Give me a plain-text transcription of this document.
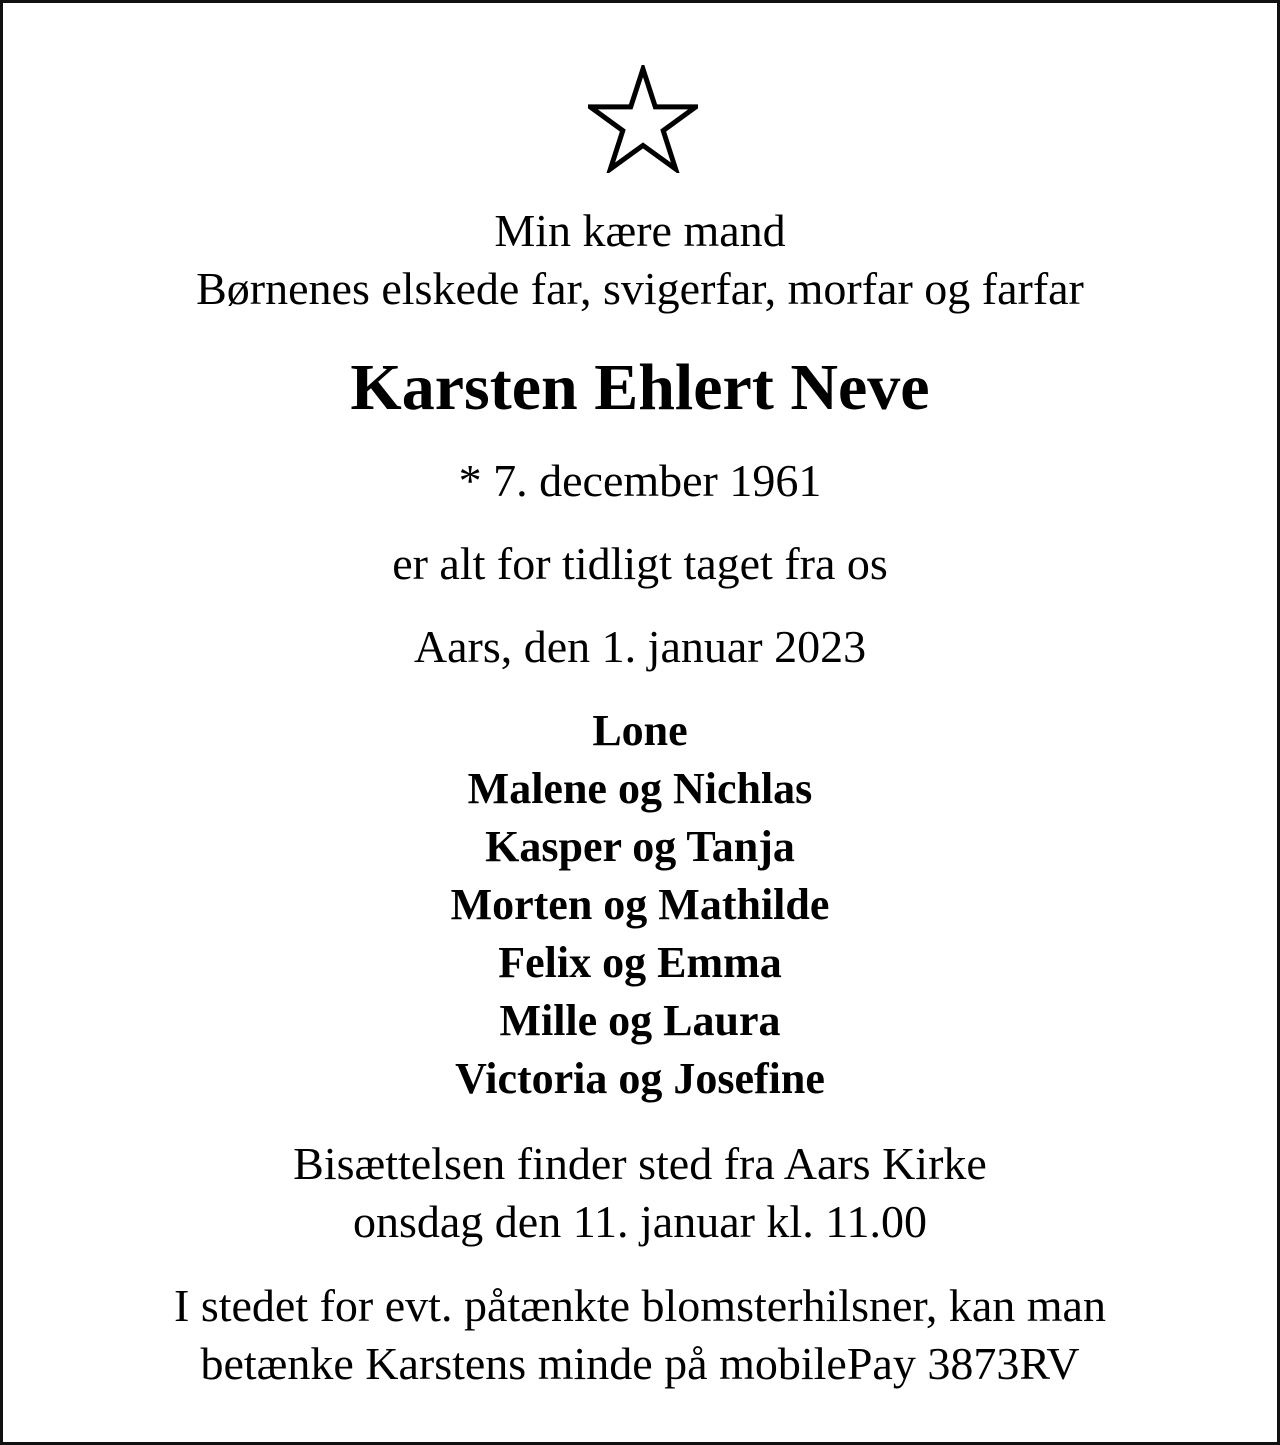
Min kære mand
Børnenes elskede far, svigerfar, morfar og farfar
Karsten Ehlert Neve
* 7. december 1961
er alt for tidligt taget fra os
Aars, den 1. januar 2023
Lone
Malene og Nichlas
Kasper og Tanja
Morten og Mathilde
Felix og Emma
Mille og Laura
Victoria og Josefine
Bisættelsen finder sted fra Aars Kirke
onsdag den 11. januar kl. 11.00
I stedet for evt. påtænkte blomsterhilsner, kan man
betænke Karstens minde på mobilePay 3873RV
